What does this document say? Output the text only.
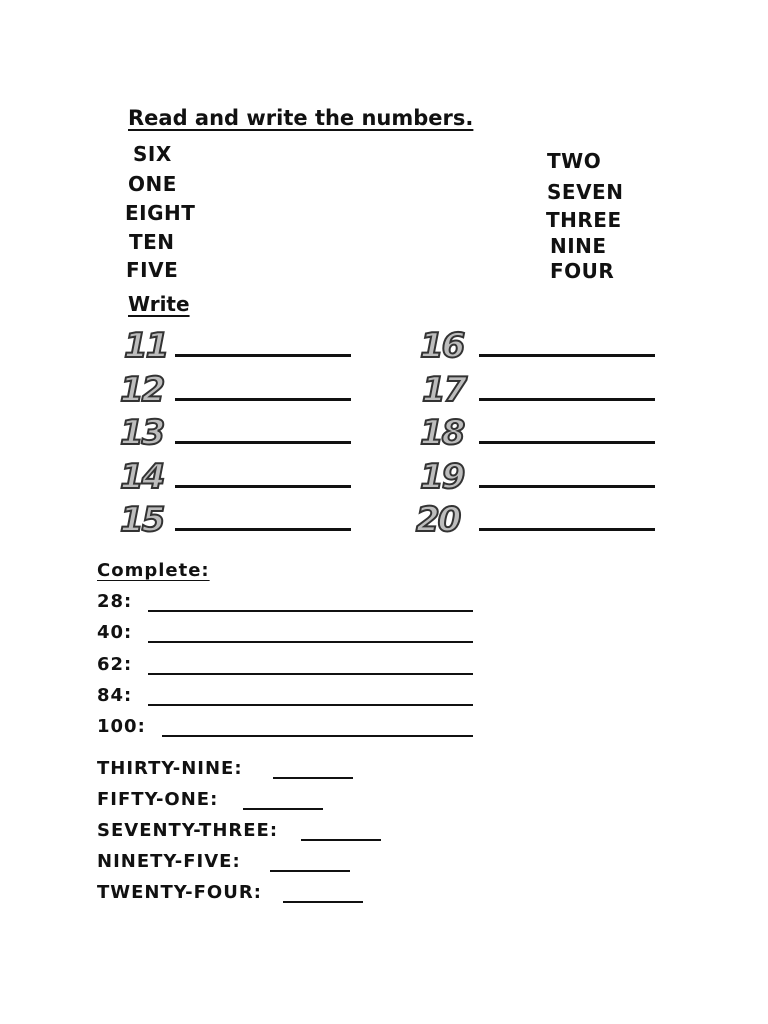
Read and write the numbers.
SIX
ONE
EIGHT
TEN
FIVE
TWO
SEVEN
THREE
NINE
FOUR
Write
11
12
13
14
15
16
17
18
19
20
Complete:
28:
40:
62:
84:
100:
THIRTY-NINE:
FIFTY-ONE:
SEVENTY-THREE:
NINETY-FIVE:
TWENTY-FOUR:
